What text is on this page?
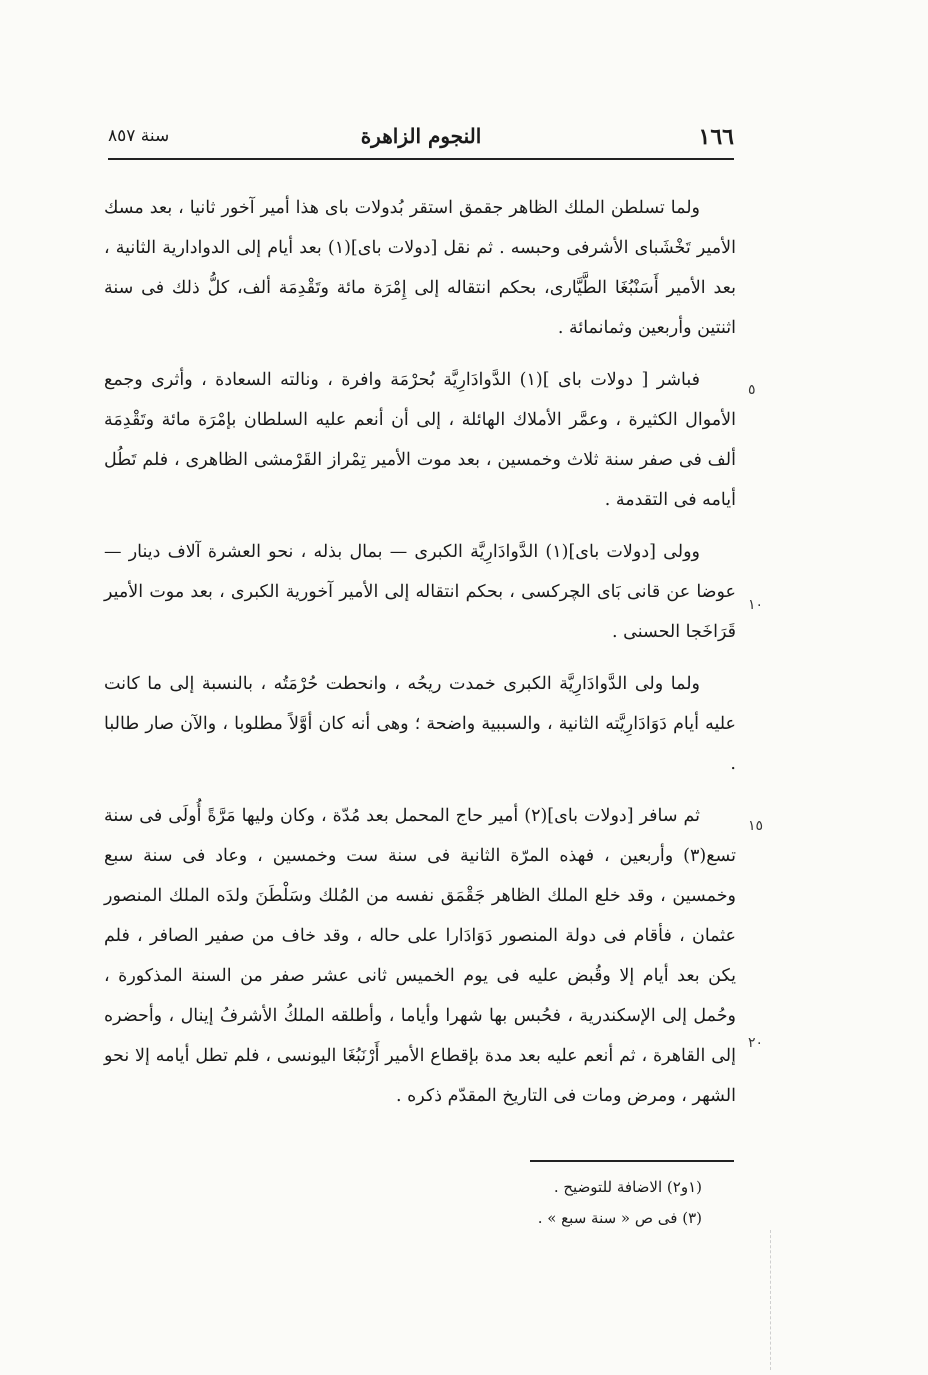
١٦٦
النجوم الزاهرة
سنة ٨٥٧
٥
١٠
١٥
٢٠

ولما تسلطن الملك الظاهر جقمق استقر بُدولات باى هذا أمير آخور ثانيا ، بعد مسك الأمير تَخْشَباى الأشرفى وحبسه . ثم نقل [دولات باى](١) بعد أيام إلى الدوادارية الثانية ، بعد الأمير أَسَنْبُغَا الطَّيَّارى، بحكم انتقاله إلى إِمْرَة مائة وتَقْدِمَة ألف، كلُّ ذلك فى سنة اثنتين وأربعين وثمانمائة .

فباشر [ دولات باى ](١) الدَّوادَارِيَّة بُحرْمَة وافرة ، ونالته السعادة ، وأثرى وجمع الأموال الكثيرة ، وعمَّر الأملاك الهائلة ، إلى أن أنعم عليه السلطان بإمْرَة مائة وتَقْدِمَة ألف فى صفر سنة ثلاث وخمسين ، بعد موت الأمير تِمْراز القَرْمشى الظاهرى ، فلم تَطُل أيامه فى التقدمة .

وولى [دولات باى](١) الدَّوادَارِيَّة الكبرى — بمال بذله ، نحو العشرة آلاف دينار — عوضا عن قانى بَاى الچركسى ، بحكم انتقاله إلى الأمير آخورية الكبرى ، بعد موت الأمير قَرَاخَجا الحسنى .

ولما ولى الدَّوادَارِيَّة الكبرى خمدت ريحُه ، وانحطت حُرْمَتُه ، بالنسبة إلى ما كانت عليه أيام دَوَادَارِيَّته الثانية ، والسببية واضحة ؛ وهى أنه كان أوَّلاً مطلوبا ، والآن صار طالبا .

ثم سافر [دولات باى](٢) أمير حاج المحمل بعد مُدّة ، وكان وليها مَرَّةً أُولَى فى سنة تسع(٣) وأربعين ، فهذه المرّة الثانية فى سنة ست وخمسين ، وعاد فى سنة سبع وخمسين ، وقد خلع الملك الظاهر جَقْمَق نفسه من المُلك وسَلْطَنَ ولدَه الملك المنصور عثمان ، فأقام فى دولة المنصور دَوَادَارا على حاله ، وقد خاف من صفير الصافر ، فلم يكن بعد أيام إلا وقُبض عليه فى يوم الخميس ثانى عشر صفر من السنة المذكورة ، وحُمل إلى الإسكندرية ، فحُبس بها شهرا وأياما ، وأطلقه الملكُ الأشرفُ إينال ، وأحضره إلى القاهرة ، ثم أنعم عليه بعد مدة بإقطاع الأمير أَرْنَبُغَا اليونسى ، فلم تطل أيامه إلا نحو الشهر ، ومرض ومات فى التاريخ المقدّم ذكره .

(١و٢) الاضافة للتوضيح .
(٣) فى ص « سنة سبع » .
